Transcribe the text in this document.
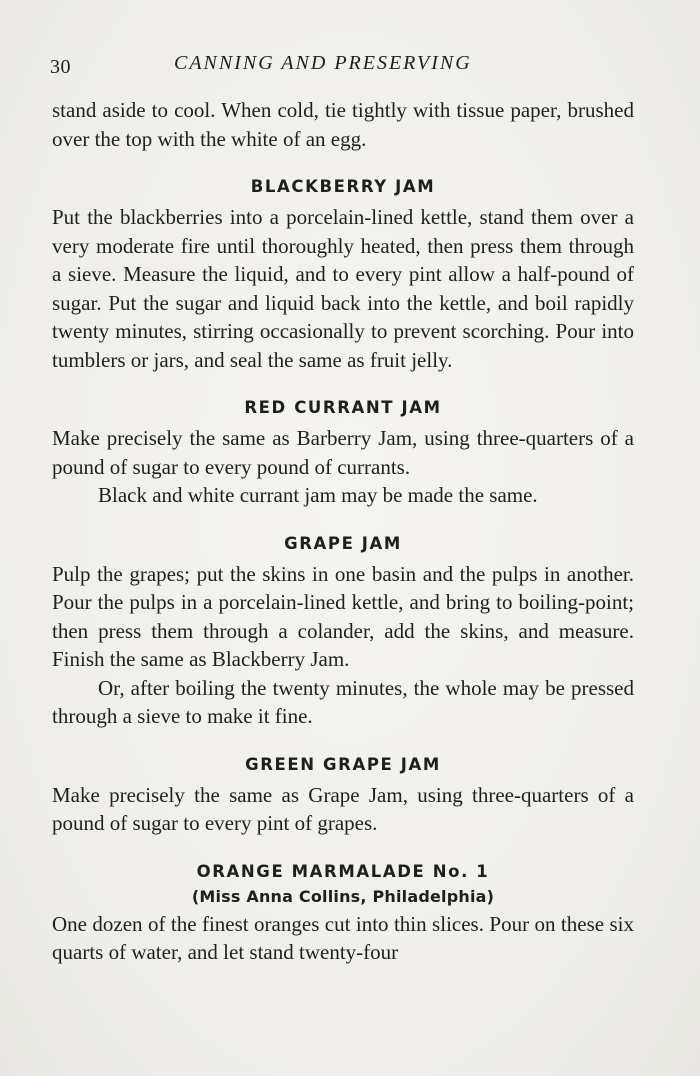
30	CANNING AND PRESERVING

stand aside to cool. When cold, tie tightly with tissue paper, brushed over the top with the white of an egg.

BLACKBERRY JAM

Put the blackberries into a porcelain-lined kettle, stand them over a very moderate fire until thoroughly heated, then press them through a sieve. Measure the liquid, and to every pint allow a half-pound of sugar. Put the sugar and liquid back into the kettle, and boil rapidly twenty minutes, stirring occasionally to prevent scorching. Pour into tumblers or jars, and seal the same as fruit jelly.

RED CURRANT JAM

Make precisely the same as Barberry Jam, using three-quarters of a pound of sugar to every pound of currants.

Black and white currant jam may be made the same.

GRAPE JAM

Pulp the grapes; put the skins in one basin and the pulps in another. Pour the pulps in a porcelain-lined kettle, and bring to boiling-point; then press them through a colander, add the skins, and measure. Finish the same as Blackberry Jam.

Or, after boiling the twenty minutes, the whole may be pressed through a sieve to make it fine.

GREEN GRAPE JAM

Make precisely the same as Grape Jam, using three-quarters of a pound of sugar to every pint of grapes.

ORANGE MARMALADE No. 1
(Miss Anna Collins, Philadelphia)

One dozen of the finest oranges cut into thin slices. Pour on these six quarts of water, and let stand twenty-four
